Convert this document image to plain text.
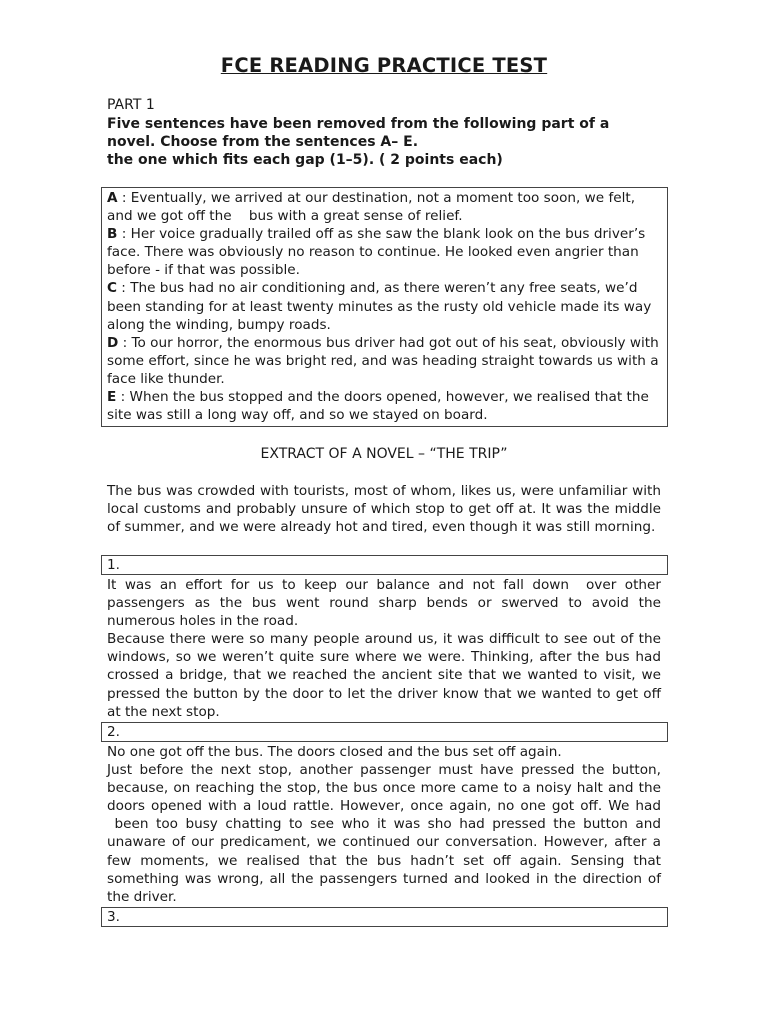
FCE READING PRACTICE TEST
PART 1
Five sentences have been removed from the following part of a
novel. Choose from the sentences A– E.
the one which fits each gap (1–5). ( 2 points each)
A : Eventually, we arrived at our destination, not a moment too soon, we felt, and we got off the    bus with a great sense of relief.
B : Her voice gradually trailed off as she saw the blank look on the bus driver’s face. There was obviously no reason to continue. He looked even angrier than before - if that was possible.
C : The bus had no air conditioning and, as there weren’t any free seats, we’d been standing for at least twenty minutes as the rusty old vehicle made its way along the winding, bumpy roads.
D : To our horror, the enormous bus driver had got out of his seat, obviously with some effort, since he was bright red, and was heading straight towards us with a face like thunder.
E : When the bus stopped and the doors opened, however, we realised that the site was still a long way off, and so we stayed on board.
EXTRACT OF A NOVEL – “THE TRIP”

The bus was crowded with tourists, most of whom, likes us, were unfamiliar with local customs and probably unsure of which stop to get off at. It was the middle of summer, and we were already hot and tired, even though it was still morning.

1.

It was an effort for us to keep our balance and not fall down  over other passengers as the bus went round sharp bends or swerved to avoid the numerous holes in the road.

Because there were so many people around us, it was difficult to see out of the windows, so we weren’t quite sure where we were. Thinking, after the bus had crossed a bridge, that we reached the ancient site that we wanted to visit, we pressed the button by the door to let the driver know that we wanted to get off at the next stop.

2.

No one got off the bus. The doors closed and the bus set off again.

Just before the next stop, another passenger must have pressed the button, because, on reaching the stop, the bus once more came to a noisy halt and the doors opened with a loud rattle. However, once again, no one got off. We had  been too busy chatting to see who it was sho had pressed the button and unaware of our predicament, we continued our conversation. However, after a few moments, we realised that the bus hadn’t set off again. Sensing that something was wrong, all the passengers turned and looked in the direction of the driver.

3.
